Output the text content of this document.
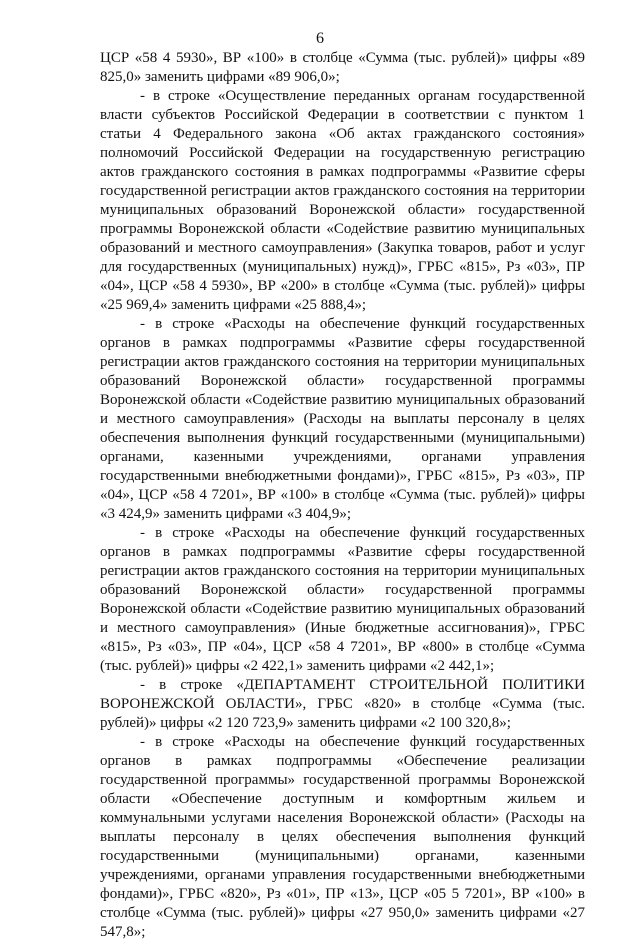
6

ЦСР «58 4 5930», ВР «100» в столбце «Сумма (тыс. рублей)» цифры «89 825,0» заменить цифрами «89 906,0»;

- в строке «Осуществление переданных органам государственной власти субъектов Российской Федерации в соответствии с пунктом 1 статьи 4 Федерального закона «Об актах гражданского состояния» полномочий Российской Федерации на государственную регистрацию актов гражданского состояния в рамках подпрограммы «Развитие сферы государственной регистрации актов гражданского состояния на территории муниципальных образований Воронежской области» государственной программы Воронежской области «Содействие развитию муниципальных образований и местного самоуправления» (Закупка товаров, работ и услуг для государственных (муниципальных) нужд)», ГРБС «815», Рз «03», ПР «04», ЦСР «58 4 5930», ВР «200» в столбце «Сумма (тыс. рублей)» цифры «25 969,4» заменить цифрами «25 888,4»;

- в строке «Расходы на обеспечение функций государственных органов в рамках подпрограммы «Развитие сферы государственной регистрации актов гражданского состояния на территории муниципальных образований Воронежской области» государственной программы Воронежской области «Содействие развитию муниципальных образований и местного самоуправления» (Расходы на выплаты персоналу в целях обеспечения выполнения функций государственными (муниципальными) органами, казенными учреждениями, органами управления государственными внебюджетными фондами)», ГРБС «815», Рз «03», ПР «04», ЦСР «58 4 7201», ВР «100» в столбце «Сумма (тыс. рублей)» цифры «3 424,9» заменить цифрами «3 404,9»;

- в строке «Расходы на обеспечение функций государственных органов в рамках подпрограммы «Развитие сферы государственной регистрации актов гражданского состояния на территории муниципальных образований Воронежской области» государственной программы Воронежской области «Содействие развитию муниципальных образований и местного самоуправления» (Иные бюджетные ассигнования)», ГРБС «815», Рз «03», ПР «04», ЦСР «58 4 7201», ВР «800» в столбце «Сумма (тыс. рублей)» цифры «2 422,1» заменить цифрами «2 442,1»;

- в строке «ДЕПАРТАМЕНТ СТРОИТЕЛЬНОЙ ПОЛИТИКИ ВОРОНЕЖСКОЙ ОБЛАСТИ», ГРБС «820» в столбце «Сумма (тыс. рублей)» цифры «2 120 723,9» заменить цифрами «2 100 320,8»;

- в строке «Расходы на обеспечение функций государственных органов в рамках подпрограммы «Обеспечение реализации государственной программы» государственной программы Воронежской области «Обеспечение доступным и комфортным жильем и коммунальными услугами населения Воронежской области» (Расходы на выплаты персоналу в целях обеспечения выполнения функций государственными (муниципальными) органами, казенными учреждениями, органами управления государственными внебюджетными фондами)», ГРБС «820», Рз «01», ПР «13», ЦСР «05 5 7201», ВР «100» в столбце «Сумма (тыс. рублей)» цифры «27 950,0» заменить цифрами «27 547,8»;
